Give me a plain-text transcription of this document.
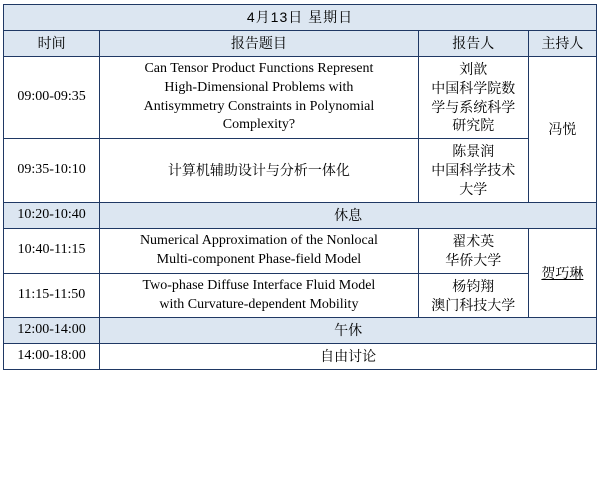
4月13日 星期日			
时间	报告题目	报告人	主持人
09:00-09:35	Can Tensor Product Functions Represent
High-Dimensional Problems with
Antisymmetry Constraints in Polynomial
Complexity?	刘歆
中国科学院数
学与系统科学
研究院	冯悦
09:35-10:10	计算机辅助设计与分析一体化	陈景润
中国科学技术
大学	

10:20-10:40	休息		
10:40-11:15	Numerical Approximation of the Nonlocal
Multi-component Phase-field Model	翟术英
华侨大学	贺巧琳
11:15-11:50	Two-phase Diffuse Interface Fluid Model
with Curvature-dependent Mobility	杨钧翔
澳门科技大学	

12:00-14:00	午休		
14:00-18:00	自由讨论		
